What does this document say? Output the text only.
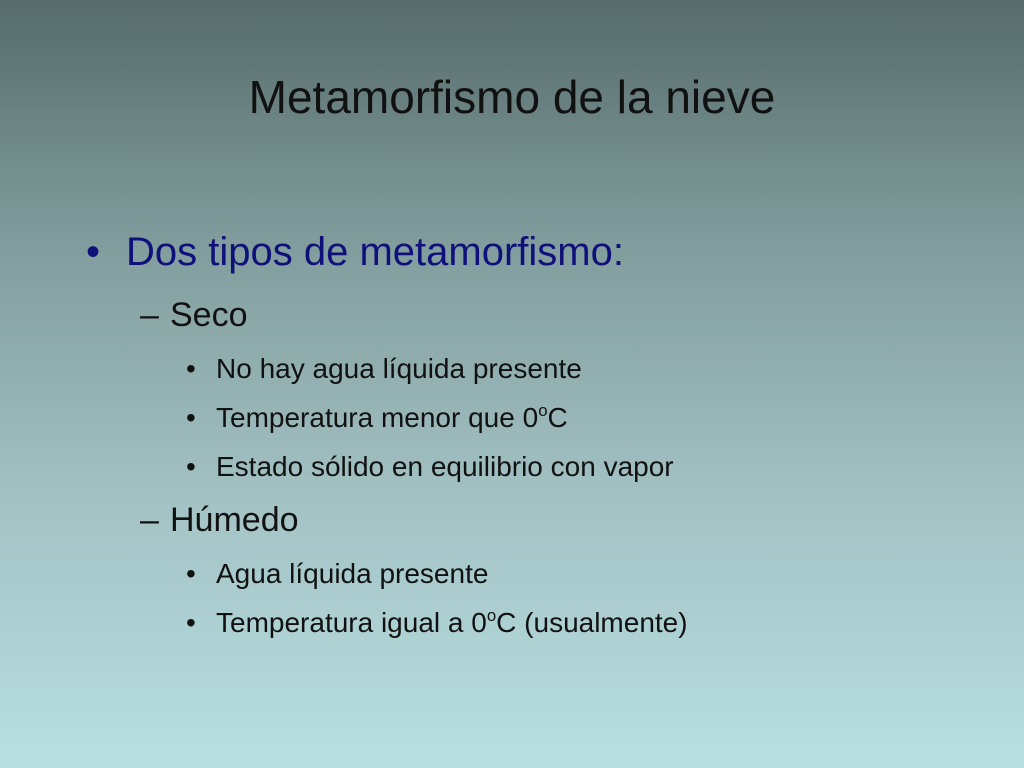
Metamorfismo de la nieve
• Dos tipos de metamorfismo:
– Seco
• No hay agua líquida presente
• Temperatura menor que 0$^o$C
• Estado sólido en equilibrio con vapor
– Húmedo
• Agua líquida presente
• Temperatura igual a 0$^o$C (usualmente)
